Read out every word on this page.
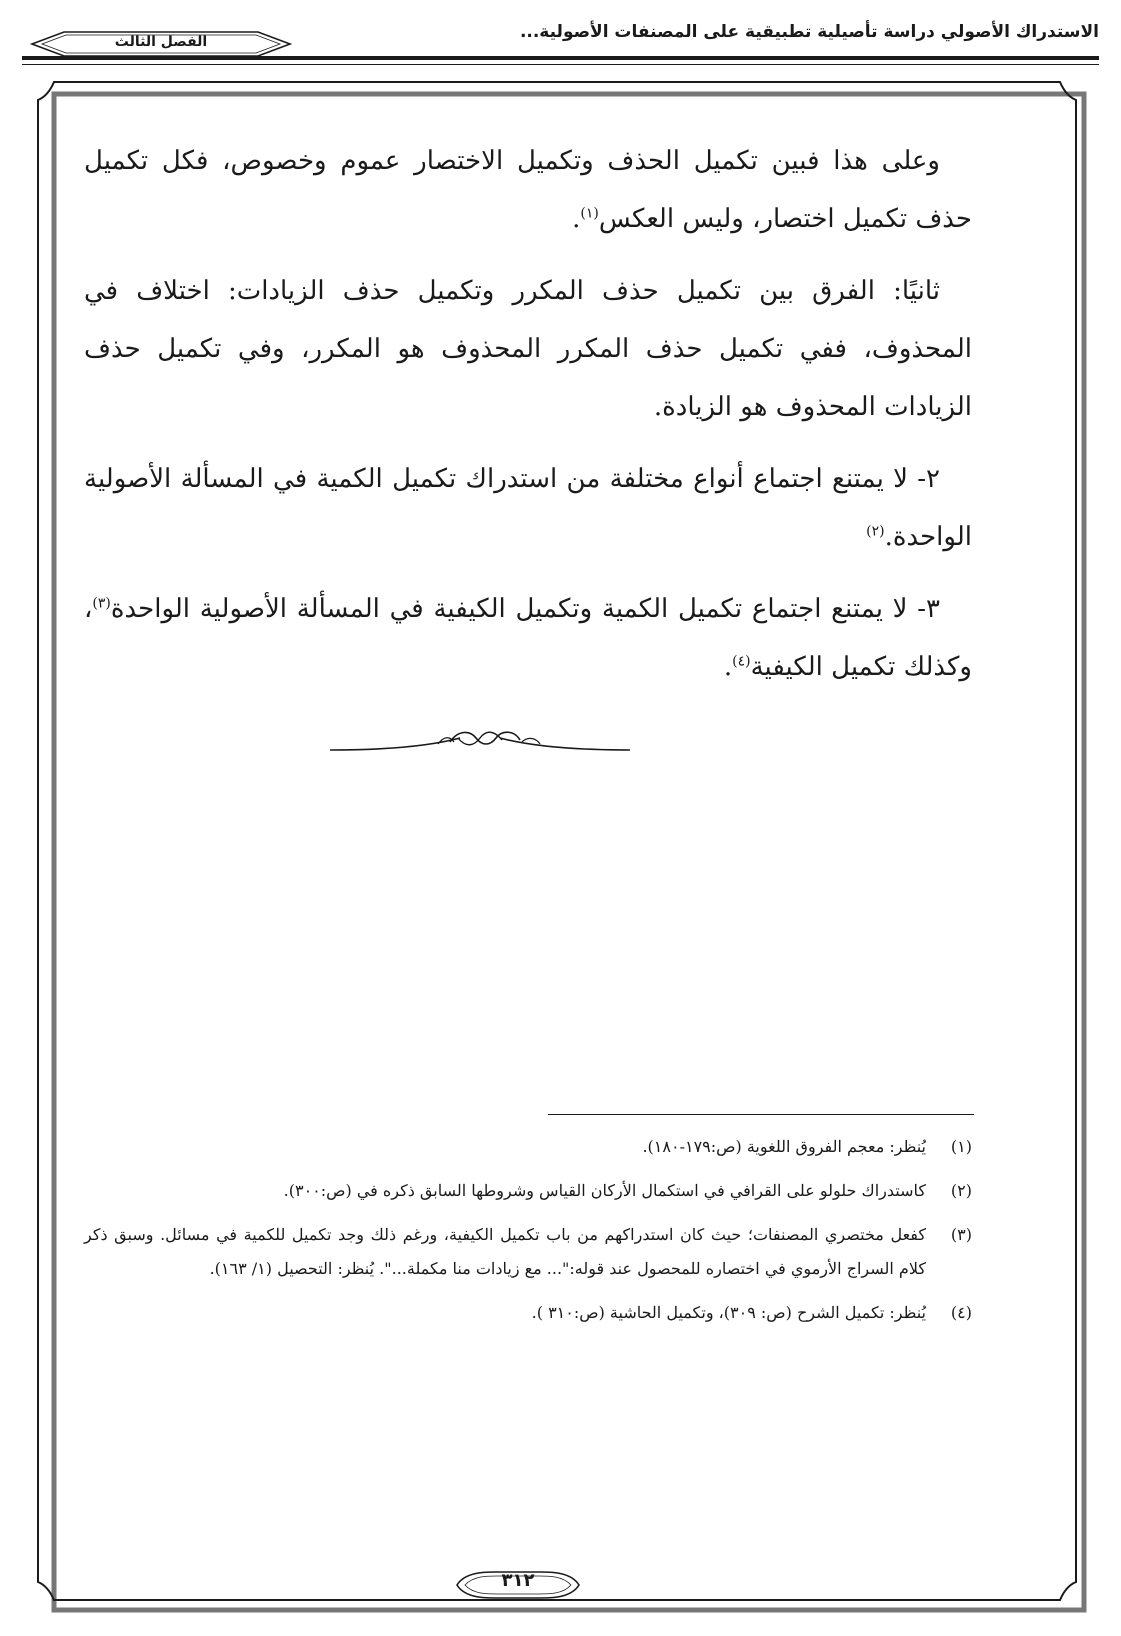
الاستدراك الأصولي دراسة تأصيلية تطبيقية على المصنفات الأصولية...
الفصل الثالث

وعلى هذا فبين تكميل الحذف وتكميل الاختصار عموم وخصوص، فكل تكميل حذف تكميل اختصار، وليس العكس$^{(١)}$.

ثانيًا: الفرق بين تكميل حذف المكرر وتكميل حذف الزيادات: اختلاف في المحذوف، ففي تكميل حذف المكرر المحذوف هو المكرر، وفي تكميل حذف الزيادات المحذوف هو الزيادة.

٢- لا يمتنع اجتماع أنواع مختلفة من استدراك تكميل الكمية في المسألة الأصولية الواحدة.$^{(٢)}$

٣- لا يمتنع اجتماع تكميل الكمية وتكميل الكيفية في المسألة الأصولية الواحدة$^{(٣)}$، وكذلك تكميل الكيفية$^{(٤)}$.

(١)
يُنظر: معجم الفروق اللغوية (ص:١٧٩-١٨٠).
(٢)
كاستدراك حلولو على القرافي في استكمال الأركان القياس وشروطها السابق ذكره في (ص:٣٠٠).
(٣)
كفعل مختصري المصنفات؛ حيث كان استدراكهم من باب تكميل الكيفية، ورغم ذلك وجد تكميل للكمية في مسائل. وسبق ذكر كلام السراج الأرموي في اختصاره للمحصول عند قوله:"... مع زيادات منا مكملة...". يُنظر: التحصيل (١/ ١٦٣).
(٤)
يُنظر: تكميل الشرح (ص: ٣٠٩)، وتكميل الحاشية (ص:٣١٠ ).
٣١٢
